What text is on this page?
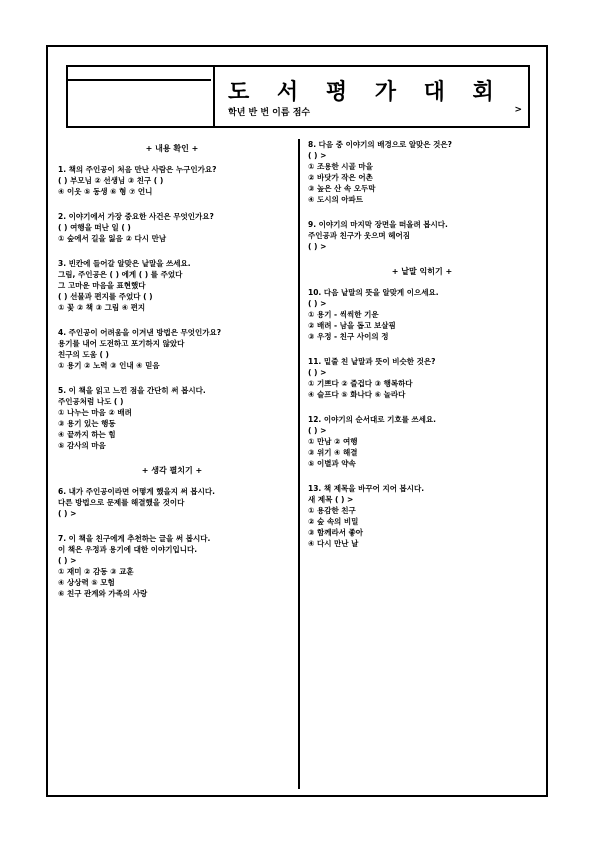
도 서 평 가 대 회
학년 반 번 이름 점수	>
+ 내용 확인 +
1. 책의 주인공이 처음 만난 사람은 누구인가요?
( ) 부모님 ② 선생님 ③ 친구 ( )
④ 이웃 ⑤ 동생 ⑥ 형 ⑦ 언니
2. 이야기에서 가장 중요한 사건은 무엇인가요?
( ) 여행을 떠난 일 ( )
① 숲에서 길을 잃음 ② 다시 만남
3. 빈칸에 들어갈 알맞은 낱말을 쓰세요.
그림, 주인공은 ( ) 에게 ( ) 를 주었다
그 고마운 마음을 표현했다
( ) 선물과 편지를 주었다 ( )
① 꽃 ② 책 ③ 그림 ④ 편지
4. 주인공이 어려움을 이겨낸 방법은 무엇인가요?
용기를 내어 도전하고 포기하지 않았다
친구의 도움 ( )
① 용기 ② 노력 ③ 인내 ④ 믿음
5. 이 책을 읽고 느낀 점을 간단히 써 봅시다.
주인공처럼 나도 ( )
① 나누는 마음 ② 배려
③ 용기 있는 행동
④ 끝까지 하는 힘
⑤ 감사의 마음
+ 생각 펼치기 +
6. 내가 주인공이라면 어떻게 했을지 써 봅시다.
다른 방법으로 문제를 해결했을 것이다
( ) >
7. 이 책을 친구에게 추천하는 글을 써 봅시다.
이 책은 우정과 용기에 대한 이야기입니다.
( ) >
① 재미 ② 감동 ③ 교훈
④ 상상력 ⑤ 모험
⑥ 친구 관계와 가족의 사랑
8. 다음 중 이야기의 배경으로 알맞은 것은?
( ) >
① 조용한 시골 마을
② 바닷가 작은 어촌
③ 높은 산 속 오두막
④ 도시의 아파트
9. 이야기의 마지막 장면을 떠올려 봅시다.
주인공과 친구가 웃으며 헤어짐
( ) >
+ 낱말 익히기 +
10. 다음 낱말의 뜻을 알맞게 이으세요.
( ) >
① 용기 - 씩씩한 기운
② 배려 - 남을 돕고 보살핌
③ 우정 - 친구 사이의 정
11. 밑줄 친 낱말과 뜻이 비슷한 것은?
( ) >
① 기쁘다 ② 즐겁다 ③ 행복하다
④ 슬프다 ⑤ 화나다 ⑥ 놀라다
12. 이야기의 순서대로 기호를 쓰세요.
( ) >
① 만남 ② 여행
③ 위기 ④ 해결
⑤ 이별과 약속
13. 책 제목을 바꾸어 지어 봅시다.
새 제목 ( ) >
① 용감한 친구
② 숲 속의 비밀
③ 함께라서 좋아
④ 다시 만난 날
